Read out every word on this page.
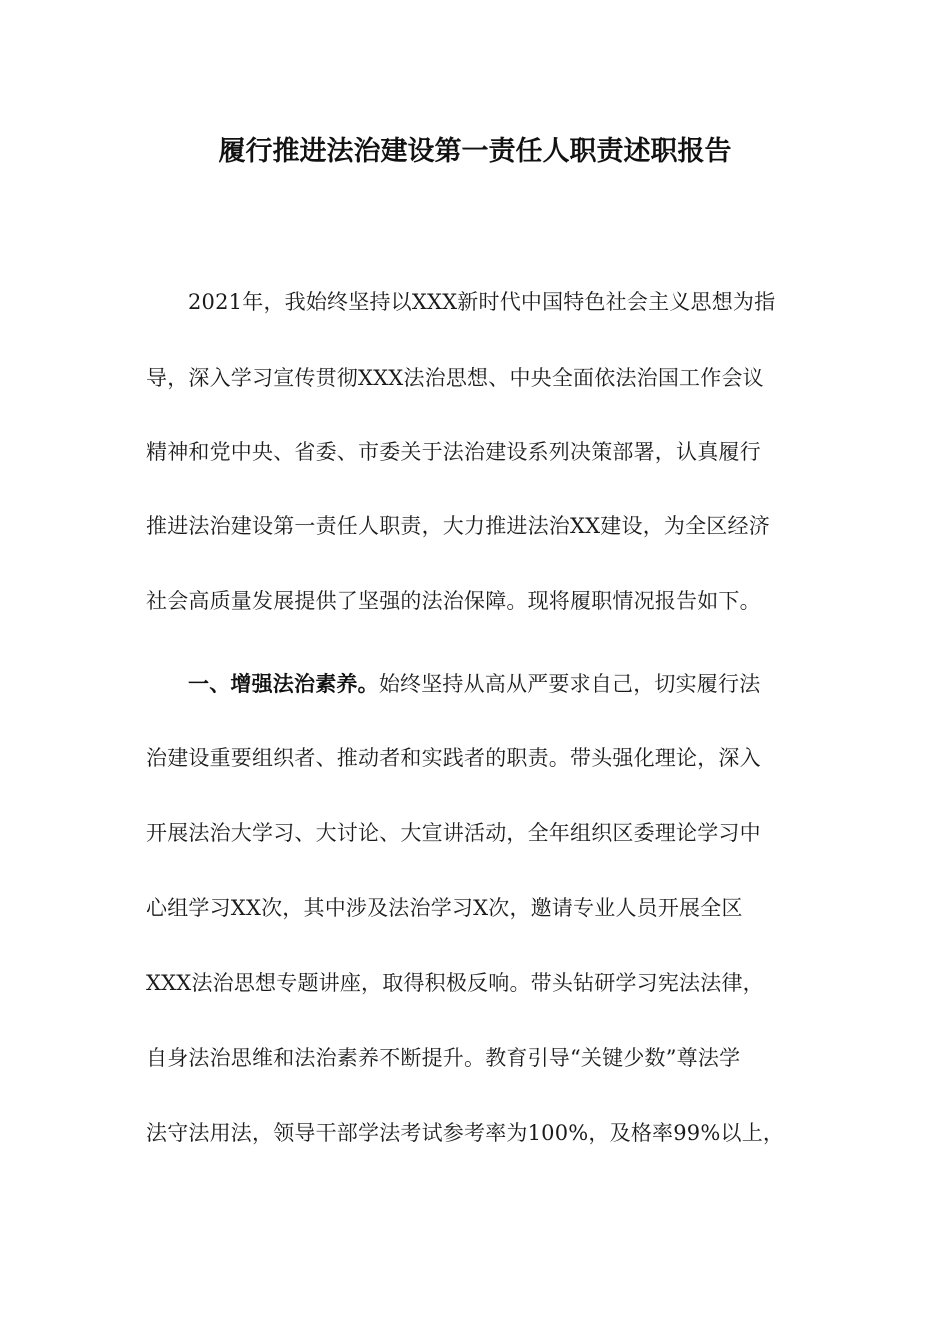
履行推进法治建设第一责任人职责述职报告
2021年，我始终坚持以XXX新时代中国特色社会主义思想为指
导，深入学习宣传贯彻XXX法治思想、中央全面依法治国工作会议
精神和党中央、省委、市委关于法治建设系列决策部署，认真履行
推进法治建设第一责任人职责，大力推进法治XX建设，为全区经济
社会高质量发展提供了坚强的法治保障。现将履职情况报告如下。
一、增强法治素养。始终坚持从高从严要求自己，切实履行法
治建设重要组织者、推动者和实践者的职责。带头强化理论，深入
开展法治大学习、大讨论、大宣讲活动，全年组织区委理论学习中
心组学习XX次，其中涉及法治学习X次，邀请专业人员开展全区
XXX法治思想专题讲座，取得积极反响。带头钻研学习宪法法律，
自身法治思维和法治素养不断提升。教育引导“关键少数”尊法学
法守法用法，领导干部学法考试参考率为100%，及格率99%以上，
